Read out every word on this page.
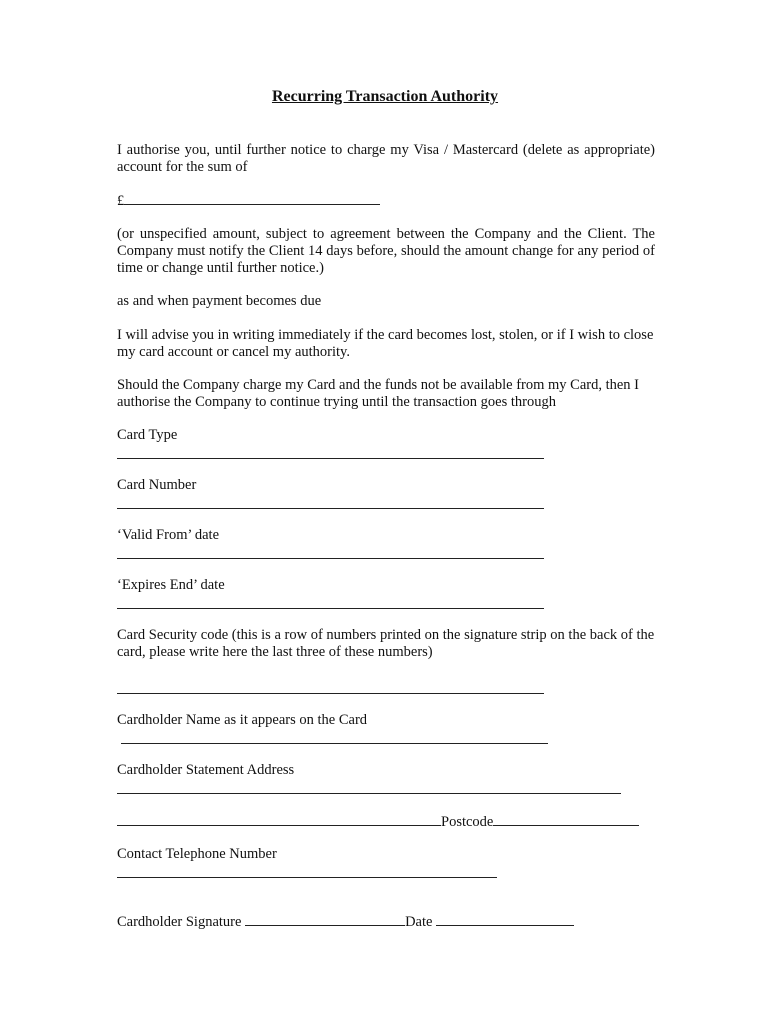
Recurring Transaction Authority
I authorise you, until further notice to charge my Visa / Mastercard (delete as appropriate) account for the sum of
£
(or unspecified amount, subject to agreement between the Company and the Client. The Company must notify the Client 14 days before, should the amount change for any period of time or change until further notice.)
as and when payment becomes due
I will advise you in writing immediately if the card becomes lost, stolen, or if I wish to close my card account or cancel my authority.
Should the Company charge my Card and the funds not be available from my Card, then I authorise the Company to continue trying until the transaction goes through
Card Type
Card Number
‘Valid From’ date
‘Expires End’ date
Card Security code (this is a row of numbers printed on the signature strip on the back of the card, please write here the last three of these numbers)
Cardholder Name as it appears on the Card
Cardholder Statement Address
Postcode
Contact Telephone Number
Cardholder Signature	Date
